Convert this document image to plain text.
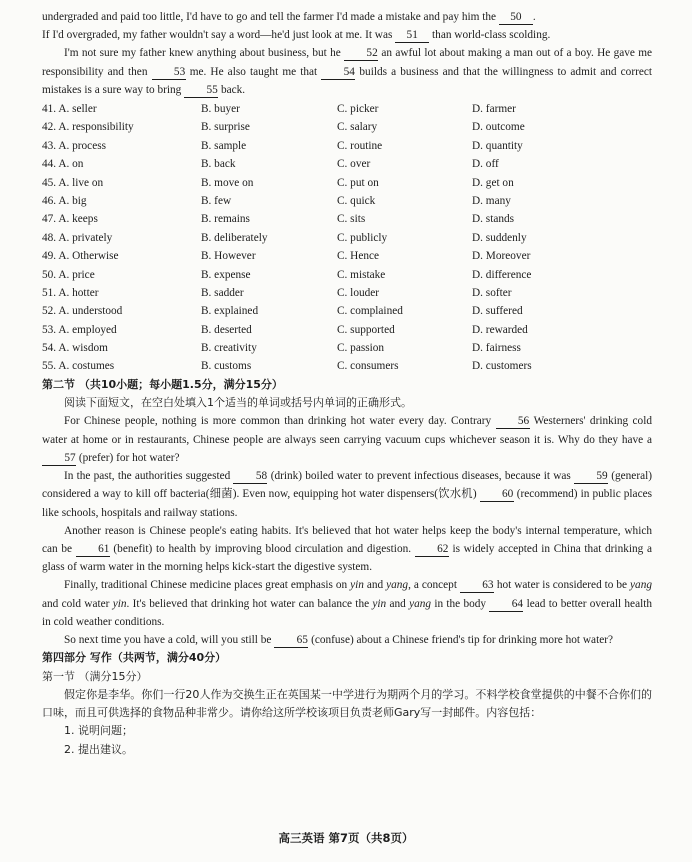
undergraded and paid too little, I'd have to go and tell the farmer I'd made a mistake and pay him the 50 .

If I'd overgraded, my father wouldn't say a word—he'd just look at me. It was 51 than world-class scolding.

I'm not sure my father knew anything about business, but he 52 an awful lot about making a man out of a boy. He gave me responsibility and then 53 me. He also taught me that 54 builds a business and that the willingness to admit and correct mistakes is a sure way to bring 55 back.

41. A. seller	B. buyer	C. picker	D. farmer
42. A. responsibility	B. surprise	C. salary	D. outcome
43. A. process	B. sample	C. routine	D. quantity
44. A. on	B. back	C. over	D. off
45. A. live on	B. move on	C. put on	D. get on
46. A. big	B. few	C. quick	D. many
47. A. keeps	B. remains	C. sits	D. stands
48. A. privately	B. deliberately	C. publicly	D. suddenly
49. A. Otherwise	B. However	C. Hence	D. Moreover
50. A. price	B. expense	C. mistake	D. difference
51. A. hotter	B. sadder	C. louder	D. softer
52. A. understood	B. explained	C. complained	D. suffered
53. A. employed	B. deserted	C. supported	D. rewarded
54. A. wisdom	B. creativity	C. passion	D. fairness
55. A. costumes	B. customs	C. consumers	D. customers

第二节 （共10小题；每小题1.5分，满分15分）

阅读下面短文，在空白处填入1个适当的单词或括号内单词的正确形式。

For Chinese people, nothing is more common than drinking hot water every day. Contrary 56 Westerners' drinking cold water at home or in restaurants, Chinese people are always seen carrying vacuum cups whichever season it is. Why do they have a 57 (prefer) for hot water?

In the past, the authorities suggested 58 (drink) boiled water to prevent infectious diseases, because it was 59 (general) considered a way to kill off bacteria(细菌). Even now, equipping hot water dispensers(饮水机) 60 (recommend) in public places like schools, hospitals and railway stations.

Another reason is Chinese people's eating habits. It's believed that hot water helps keep the body's internal temperature, which can be 61 (benefit) to health by improving blood circulation and digestion. 62 is widely accepted in China that drinking a glass of warm water in the morning helps kick-start the digestive system.

Finally, traditional Chinese medicine places great emphasis on yin and yang, a concept 63 hot water is considered to be yang and cold water yin. It's believed that drinking hot water can balance the yin and yang in the body 64 lead to better overall health in cold weather conditions.

So next time you have a cold, will you still be 65 (confuse) about a Chinese friend's tip for drinking more hot water?

第四部分 写作（共两节，满分40分）

第一节 （满分15分）

假定你是李华。你们一行20人作为交换生正在英国某一中学进行为期两个月的学习。不料学校食堂提供的中餐不合你们的口味，而且可供选择的食物品种非常少。请你给这所学校该项目负责老师Gary写一封邮件。内容包括：

1. 说明问题；

2. 提出建议。

高三英语 第7页（共8页）
